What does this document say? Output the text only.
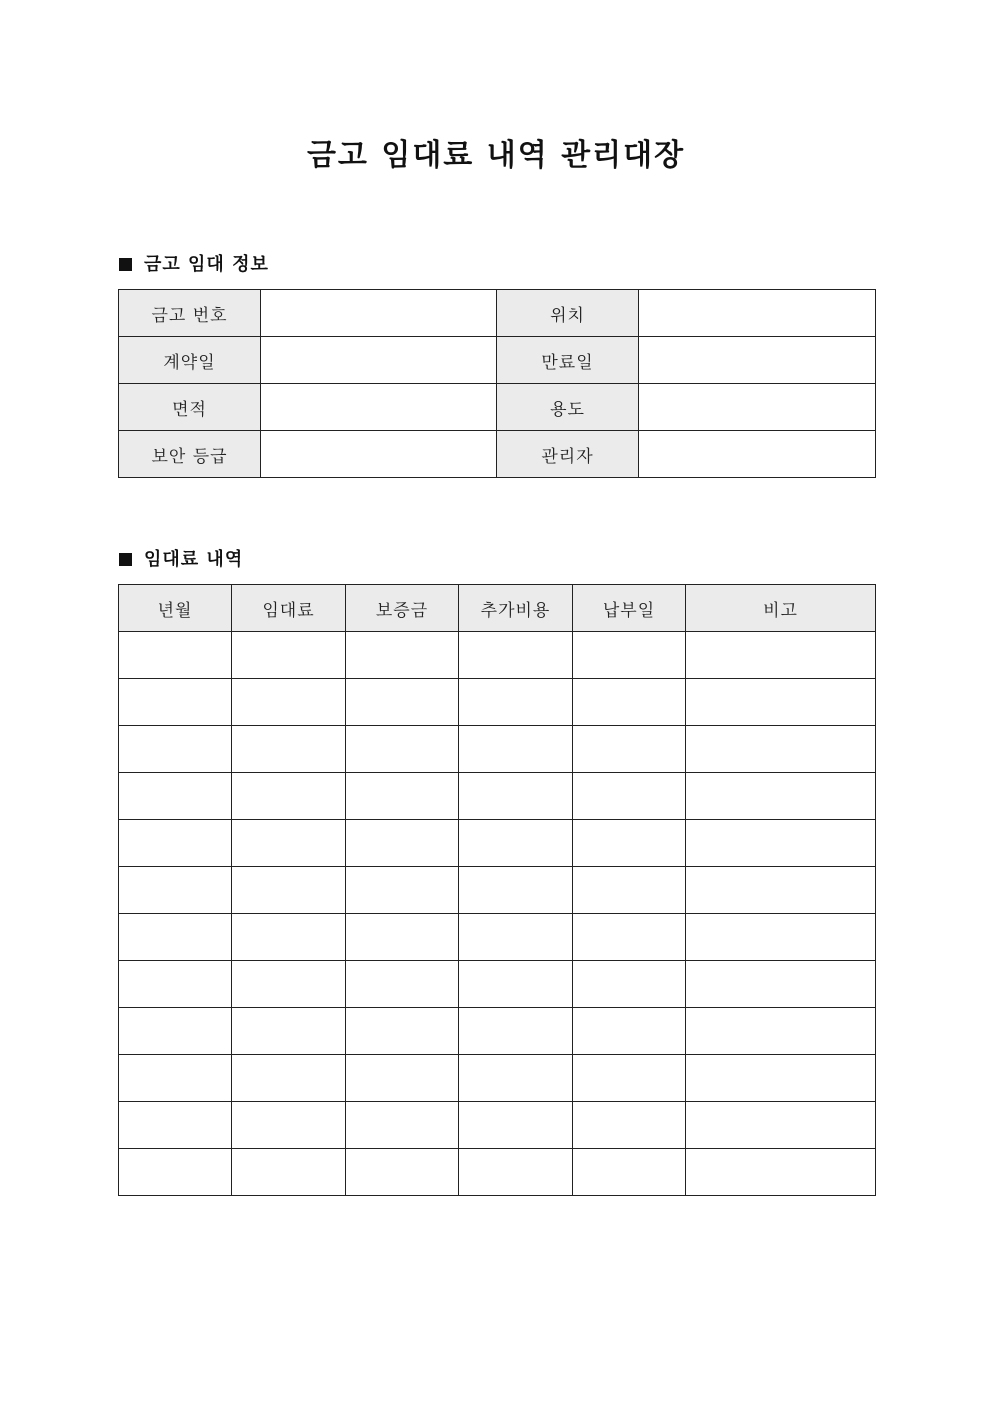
금고 임대료 내역 관리대장
금고 임대 정보
금고 번호		위치	
계약일		만료일	
면적		용도	
보안 등급		관리자	
임대료 내역
년월	임대료	보증금	추가비용	납부일	비고
